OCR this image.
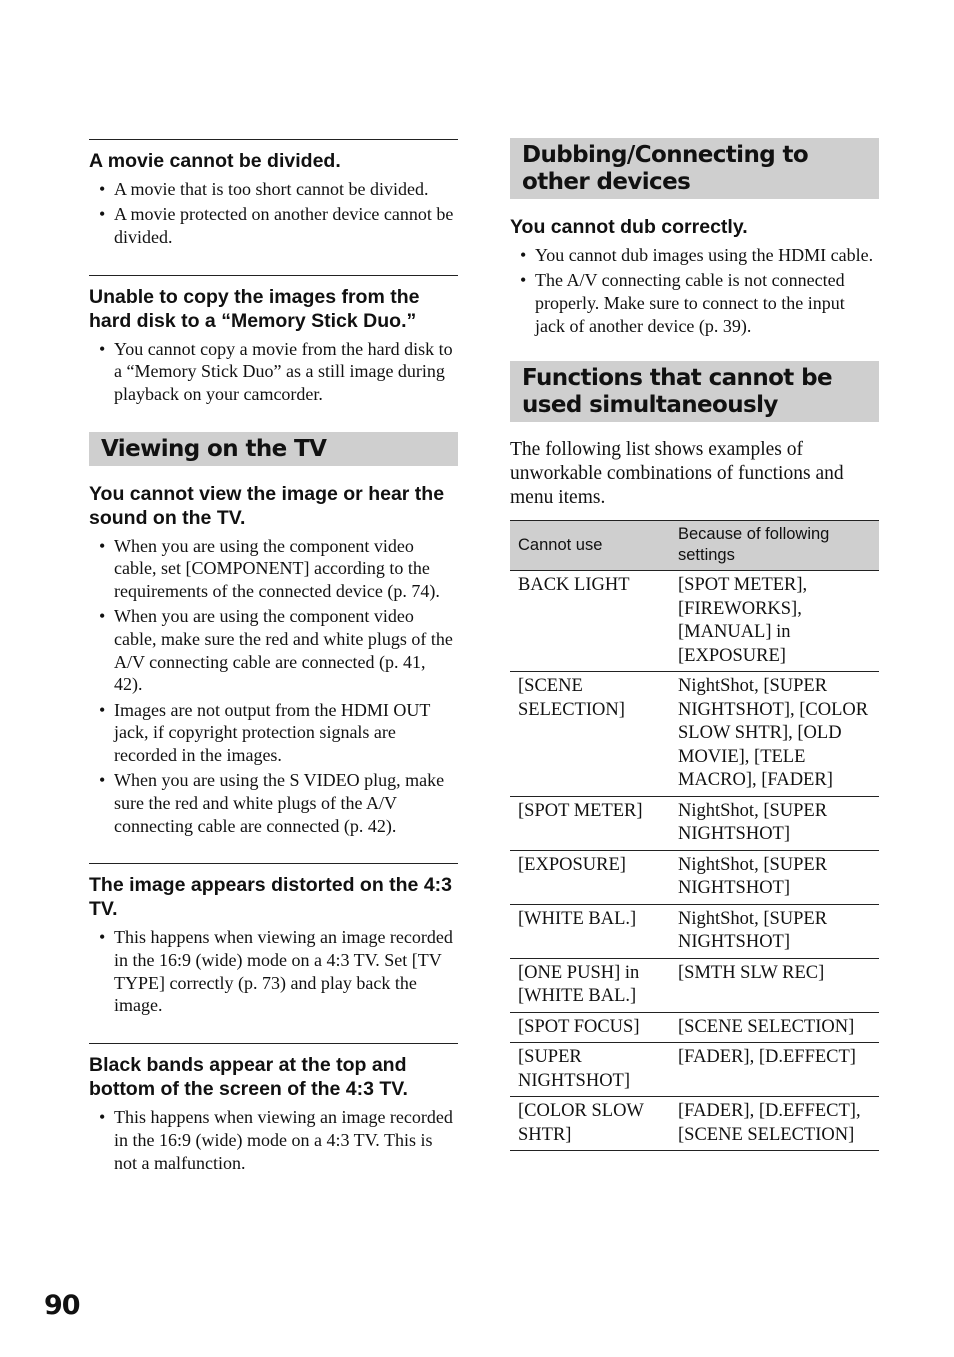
A movie cannot be divided.
• A movie that is too short cannot be divided.
• A movie protected on another device cannot be divided.
Unable to copy the images from the hard disk to a “Memory Stick Duo.”
• You cannot copy a movie from the hard disk to a “Memory Stick Duo” as a still image during playback on your camcorder.
Viewing on the TV
You cannot view the image or hear the sound on the TV.
• When you are using the component video cable, set [COMPONENT] according to the requirements of the connected device (p. 74).
• When you are using the component video cable, make sure the red and white plugs of the A/V connecting cable are connected (p. 41, 42).
• Images are not output from the HDMI OUT jack, if copyright protection signals are recorded in the images.
• When you are using the S VIDEO plug, make sure the red and white plugs of the A/V connecting cable are connected (p. 42).
The image appears distorted on the 4:3 TV.
• This happens when viewing an image recorded in the 16:9 (wide) mode on a 4:3 TV. Set [TV TYPE] correctly (p. 73) and play back the image.
Black bands appear at the top and bottom of the screen of the 4:3 TV.
• This happens when viewing an image recorded in the 16:9 (wide) mode on a 4:3 TV. This is not a malfunction.
Dubbing/Connecting to other devices
You cannot dub correctly.
• You cannot dub images using the HDMI cable.
• The A/V connecting cable is not connected properly. Make sure to connect to the input jack of another device (p. 39).
Functions that cannot be used simultaneously

The following list shows examples of unworkable combinations of functions and menu items.

Cannot use	Because of following settings
BACK LIGHT	[SPOT METER], [FIREWORKS], [MANUAL] in [EXPOSURE]
[SCENE SELECTION]	NightShot, [SUPER NIGHTSHOT], [COLOR SLOW SHTR], [OLD MOVIE], [TELE MACRO], [FADER]
[SPOT METER]	NightShot, [SUPER NIGHTSHOT]
[EXPOSURE]	NightShot, [SUPER NIGHTSHOT]
[WHITE BAL.]	NightShot, [SUPER NIGHTSHOT]
[ONE PUSH] in [WHITE BAL.]	[SMTH SLW REC]
[SPOT FOCUS]	[SCENE SELECTION]
[SUPER NIGHTSHOT]	[FADER], [D.EFFECT]
[COLOR SLOW SHTR]	[FADER], [D.EFFECT], [SCENE SELECTION]
90
